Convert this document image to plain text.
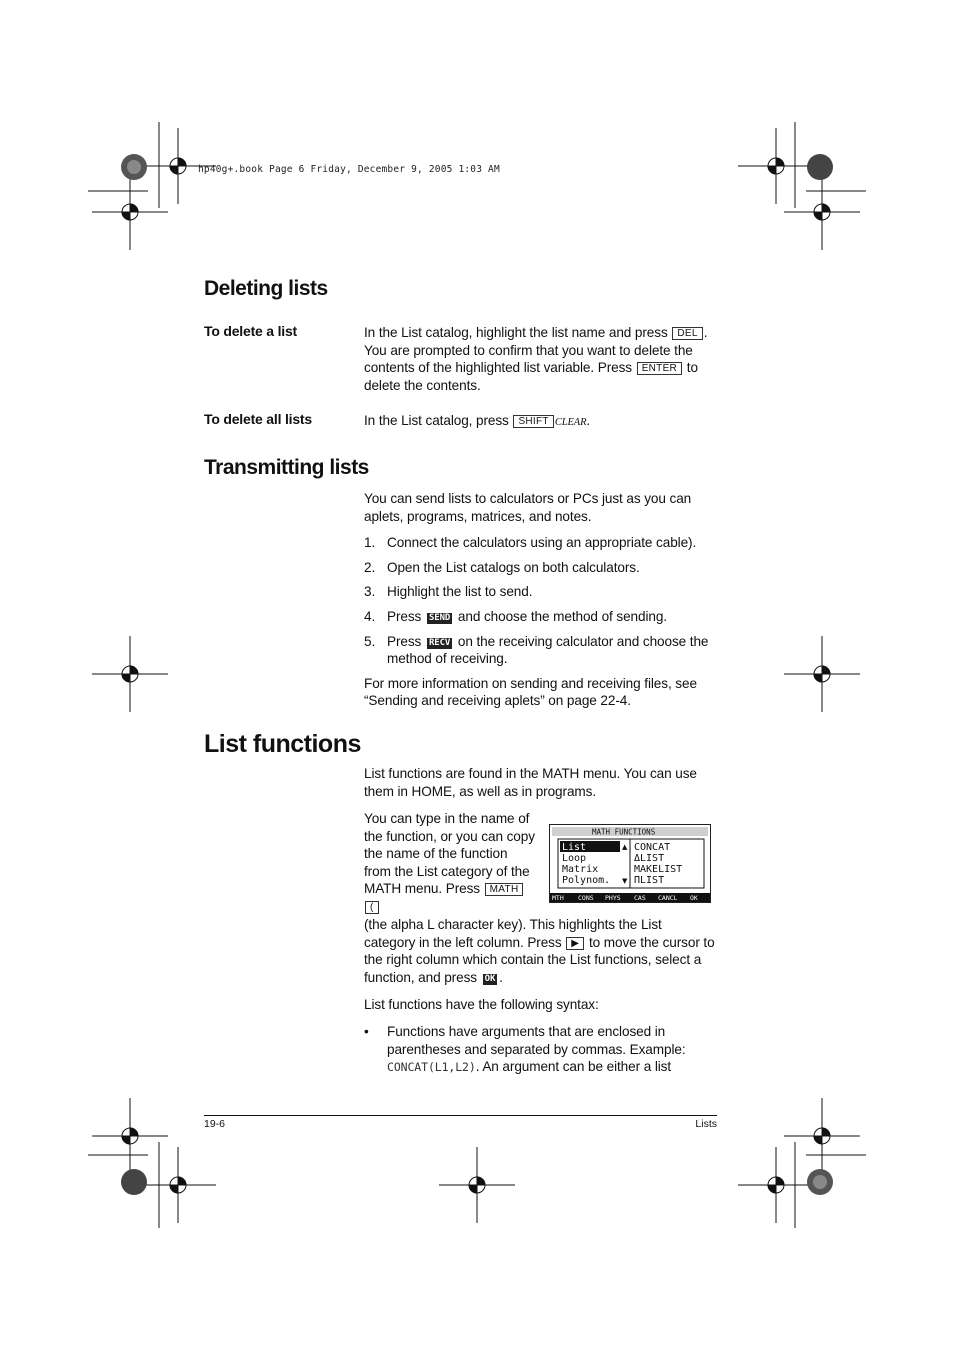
hp40g+.book Page 6 Friday, December 9, 2005 1:03 AM
Deleting lists
To delete a list	In the List catalog, highlight the list name and press DEL . You are prompted to confirm that you want to delete the contents of the highlighted list variable. Press ENTER to delete the contents.

To delete all lists	In the List catalog, press SHIFT CLEAR.

Transmitting lists

You can send lists to calculators or PCs just as you can aplets, programs, matrices, and notes.

1. Connect the calculators using an appropriate cable).
2. Open the List catalogs on both calculators.
3. Highlight the list to send.
4. Press SEND and choose the method of sending.
5. Press RECV on the receiving calculator and choose the method of receiving.

For more information on sending and receiving files, see “Sending and receiving aplets” on page 22-4.

List functions
List functions are found in the MATH menu. You can use them in HOME, as well as in programs.
MATH FUNCTIONS
List
Loop
Matrix
Polynom.
▲
▼
CONCAT
ΔLIST
MAKELIST
ΠLIST
MTH CONS PHYS CAS CANCL OK
You can type in the name of the function, or you can copy the name of the function from the List category of the MATH menu. Press MATH (
(the alpha L character key). This highlights the List category in the left column. Press ▶ to move the cursor to the right column which contain the List functions, select a function, and press OK .
List functions have the following syntax:
•	Functions have arguments that are enclosed in parentheses and separated by commas. Example: CONCAT(L1,L2). An argument can be either a list
19-6	Lists
